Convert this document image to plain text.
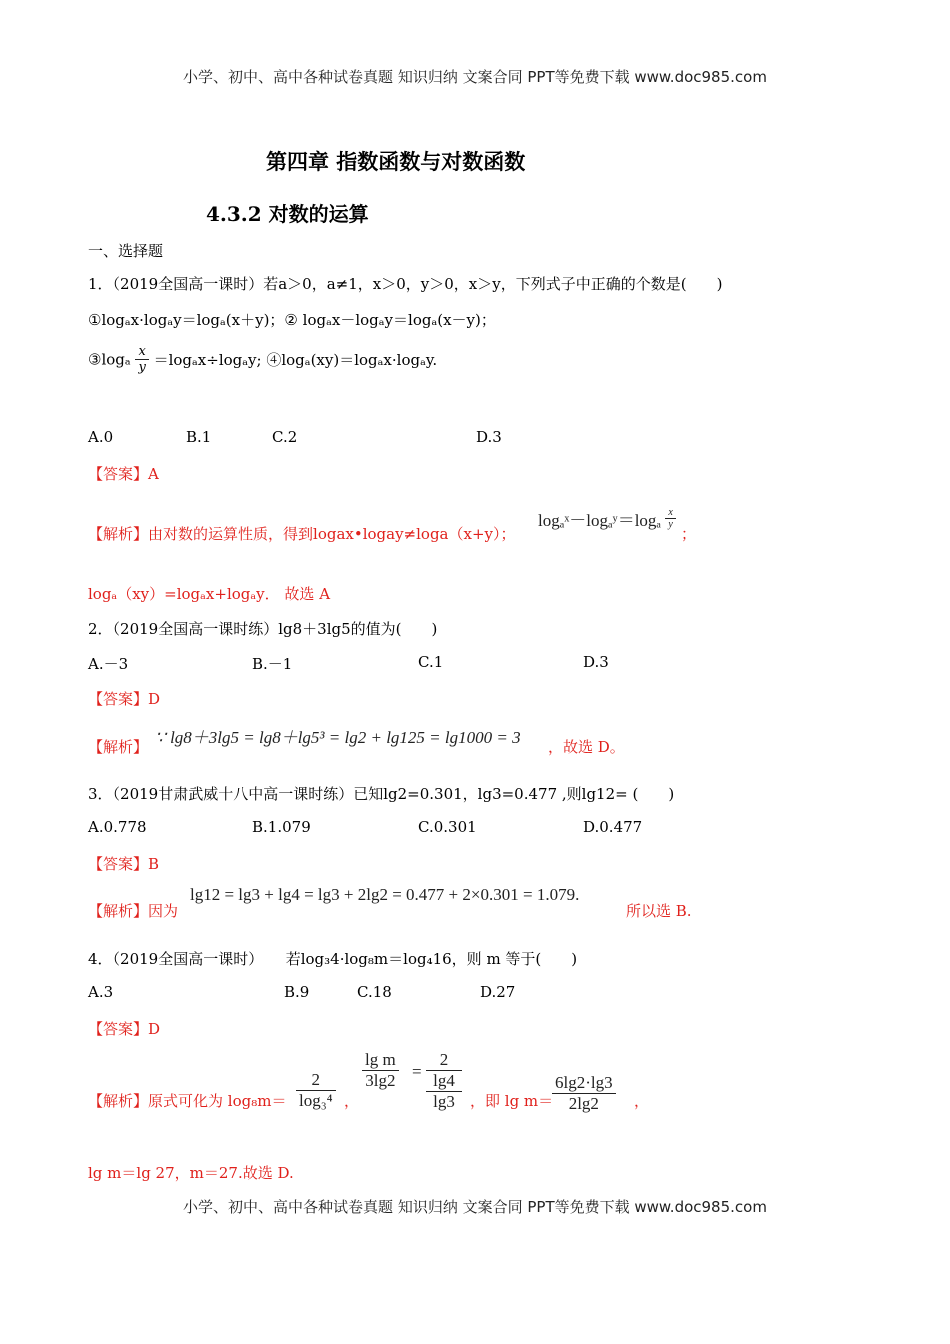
小学、初中、高中各种试卷真题 知识归纳 文案合同 PPT等免费下载 www.doc985.com
第四章 指数函数与对数函数
4.3.2 对数的运算
一、选择题
1．（2019全国高一课时）若a＞0，a≠1，x＞0，y＞0，x＞y，下列式子中正确的个数是(　　)
①logₐx·logₐy＝logₐ(x＋y)；② logₐx－logₐy＝logₐ(x－y)；
③logₐ $\frac{x}{y} =\log_ax\div\log_ay$; ④logₐ(xy)＝logₐx·logₐy.
A.0	B.1	C.2	D.3
【答案】A
【解析】由对数的运算性质，得到logax•logay≠loga（x+y）；
logₐˣ－logₐʸ＝logₐ $\frac{x}{y}$
；
logₐ（xy）=logₐx+logₐy． 故选 A
2．（2019全国高一课时练）lg8＋3lg5的值为(　　)
A.－3	B.－1	C.1	D.3
【答案】D
【解析】 ∵ lg8＋3lg5 = lg8＋lg5³ = lg2 + lg125 = lg1000 = 3 ，故选 D。
3．（2019甘肃武威十八中高一课时练）已知lg2=0.301，lg3=0.477 ,则lg12= (　　)
A.0.778	B.1.079	C.0.301	D.0.477
【答案】B
【解析】因为
lg12 = lg3 + lg4 = lg3 + 2lg2 = 0.477 + 2×0.301 = 1.079.
所以选 B.
4．（2019全国高一课时）　　若log₃4·log₈m＝log₄16，则 m 等于(　　)
A.3	B.9	C.18	D.27
【答案】D
【解析】原式可化为 $\log_8m= \frac{2}{\text{log₃⁴}}$ ，
$\frac{\text{lg m}}{3\lg 2}$ =
2
lg4
lg3	，即 lg m＝
$\frac{6\lg 2\cdot\lg 3}{2\lg 2}$ ，
lg m＝lg 27，m＝27.故选 D.
小学、初中、高中各种试卷真题 知识归纳 文案合同 PPT等免费下载 www.doc985.com
